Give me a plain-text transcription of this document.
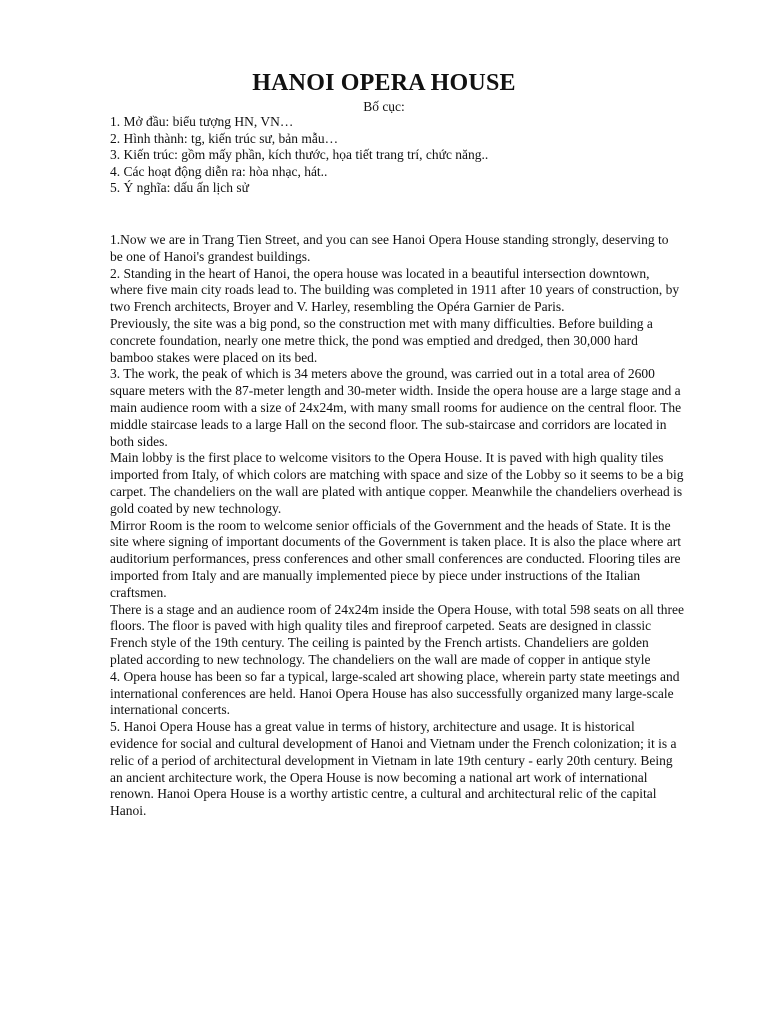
HANOI OPERA HOUSE
Bố cục:
1. Mở đầu: biểu tượng HN, VN…
2. Hình thành: tg, kiến trúc sư, bản mẫu…
3. Kiến trúc: gồm mấy phần, kích thước, họa tiết trang trí, chức năng..
4. Các hoạt động diễn ra: hòa nhạc, hát..
5. Ý nghĩa: dấu ấn lịch sử

1.Now we are in Trang Tien Street, and you can see Hanoi Opera House standing strongly, deserving to be one of Hanoi's grandest buildings.

2. Standing in the heart of Hanoi, the opera house was located in a beautiful intersection downtown, where five main city roads lead to. The building was completed in 1911 after 10 years of construction, by two French architects, Broyer and V. Harley, resembling the Opéra Garnier de Paris.

Previously, the site was a big pond, so the construction met with many difficulties. Before building a concrete foundation, nearly one metre thick, the pond was emptied and dredged, then 30,000 hard bamboo stakes were placed on its bed.

3. The work, the peak of which is 34 meters above the ground, was carried out in a total area of 2600 square meters with the 87-meter length and 30-meter width. Inside the opera house are a large stage and a main audience room with a size of 24x24m, with many small rooms for audience on the central floor. The middle staircase leads to a large Hall on the second floor. The sub-staircase and corridors are located in both sides.

Main lobby is the first place to welcome visitors to the Opera House. It is paved with high quality tiles imported from Italy, of which colors are matching with space and size of the Lobby so it seems to be a big carpet. The chandeliers on the wall are plated with antique copper. Meanwhile the chandeliers overhead is gold coated by new technology.

Mirror Room is the room to welcome senior officials of the Government and the heads of State. It is the site where signing of important documents of the Government is taken place. It is also the place where art auditorium performances, press conferences and other small conferences are conducted. Flooring tiles are imported from Italy and are manually implemented piece by piece under instructions of the Italian craftsmen.

There is a stage and an audience room of 24x24m inside the Opera House, with total 598 seats on all three floors. The floor is paved with high quality tiles and fireproof carpeted. Seats are designed in classic French style of the 19th century. The ceiling is painted by the French artists. Chandeliers are golden plated according to new technology. The chandeliers on the wall are made of copper in antique style

4. Opera house has been so far a typical, large-scaled art showing place, wherein party state meetings and international conferences are held. Hanoi Opera House has also successfully organized many large-scale international concerts.

5. Hanoi Opera House has a great value in terms of history, architecture and usage. It is historical evidence for social and cultural development of Hanoi and Vietnam under the French colonization; it is a relic of a period of architectural development in Vietnam in late 19th century - early 20th century. Being an ancient architecture work, the Opera House is now becoming a national art work of international renown. Hanoi Opera House is a worthy artistic centre, a cultural and architectural relic of the capital Hanoi.
